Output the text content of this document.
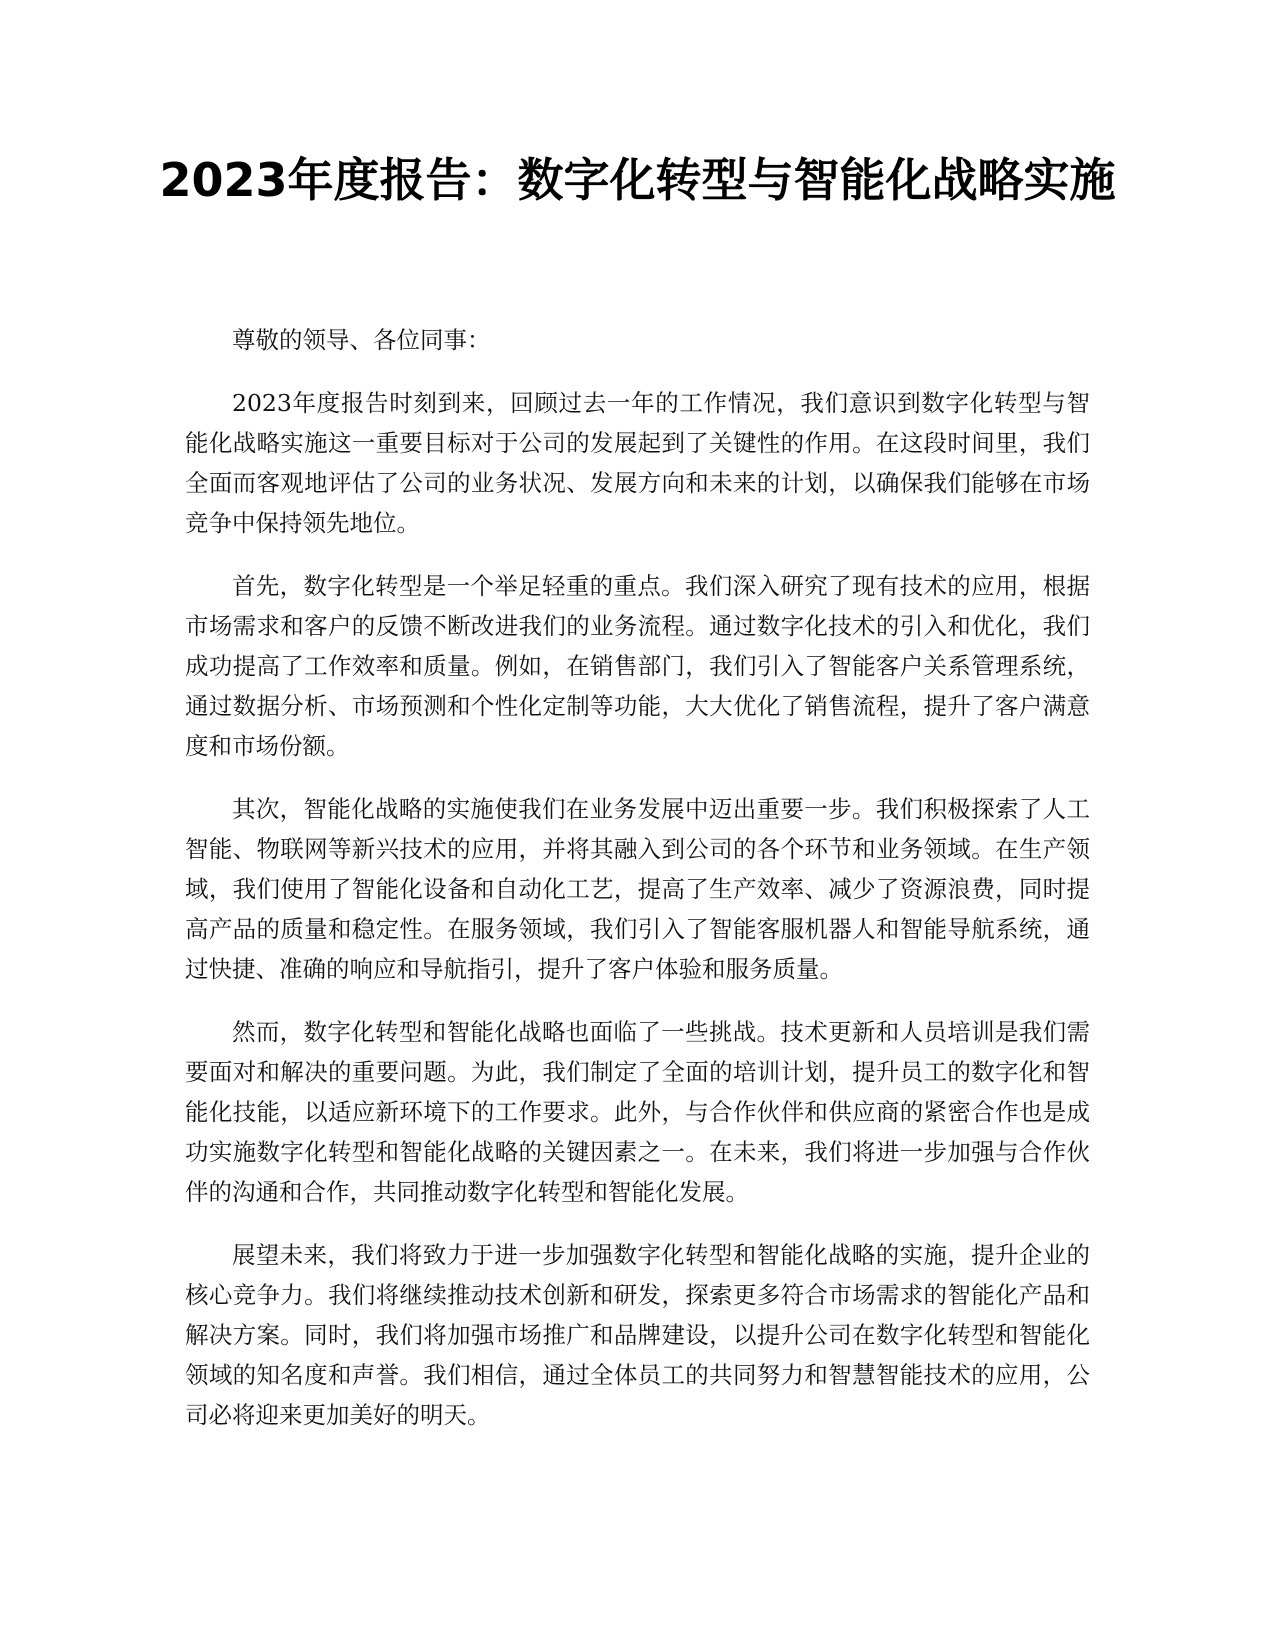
2023年度报告：数字化转型与智能化战略实施

尊敬的领导、各位同事：

2023年度报告时刻到来，回顾过去一年的工作情况，我们意识到数字化转型与智能化战略实施这一重要目标对于公司的发展起到了关键性的作用。在这段时间里，我们全面而客观地评估了公司的业务状况、发展方向和未来的计划，以确保我们能够在市场竞争中保持领先地位。

首先，数字化转型是一个举足轻重的重点。我们深入研究了现有技术的应用，根据市场需求和客户的反馈不断改进我们的业务流程。通过数字化技术的引入和优化，我们成功提高了工作效率和质量。例如，在销售部门，我们引入了智能客户关系管理系统，通过数据分析、市场预测和个性化定制等功能，大大优化了销售流程，提升了客户满意度和市场份额。

其次，智能化战略的实施使我们在业务发展中迈出重要一步。我们积极探索了人工智能、物联网等新兴技术的应用，并将其融入到公司的各个环节和业务领域。在生产领域，我们使用了智能化设备和自动化工艺，提高了生产效率、减少了资源浪费，同时提高产品的质量和稳定性。在服务领域，我们引入了智能客服机器人和智能导航系统，通过快捷、准确的响应和导航指引，提升了客户体验和服务质量。

然而，数字化转型和智能化战略也面临了一些挑战。技术更新和人员培训是我们需要面对和解决的重要问题。为此，我们制定了全面的培训计划，提升员工的数字化和智能化技能，以适应新环境下的工作要求。此外，与合作伙伴和供应商的紧密合作也是成功实施数字化转型和智能化战略的关键因素之一。在未来，我们将进一步加强与合作伙伴的沟通和合作，共同推动数字化转型和智能化发展。

展望未来，我们将致力于进一步加强数字化转型和智能化战略的实施，提升企业的核心竞争力。我们将继续推动技术创新和研发，探索更多符合市场需求的智能化产品和解决方案。同时，我们将加强市场推广和品牌建设，以提升公司在数字化转型和智能化领域的知名度和声誉。我们相信，通过全体员工的共同努力和智慧智能技术的应用，公司必将迎来更加美好的明天。
